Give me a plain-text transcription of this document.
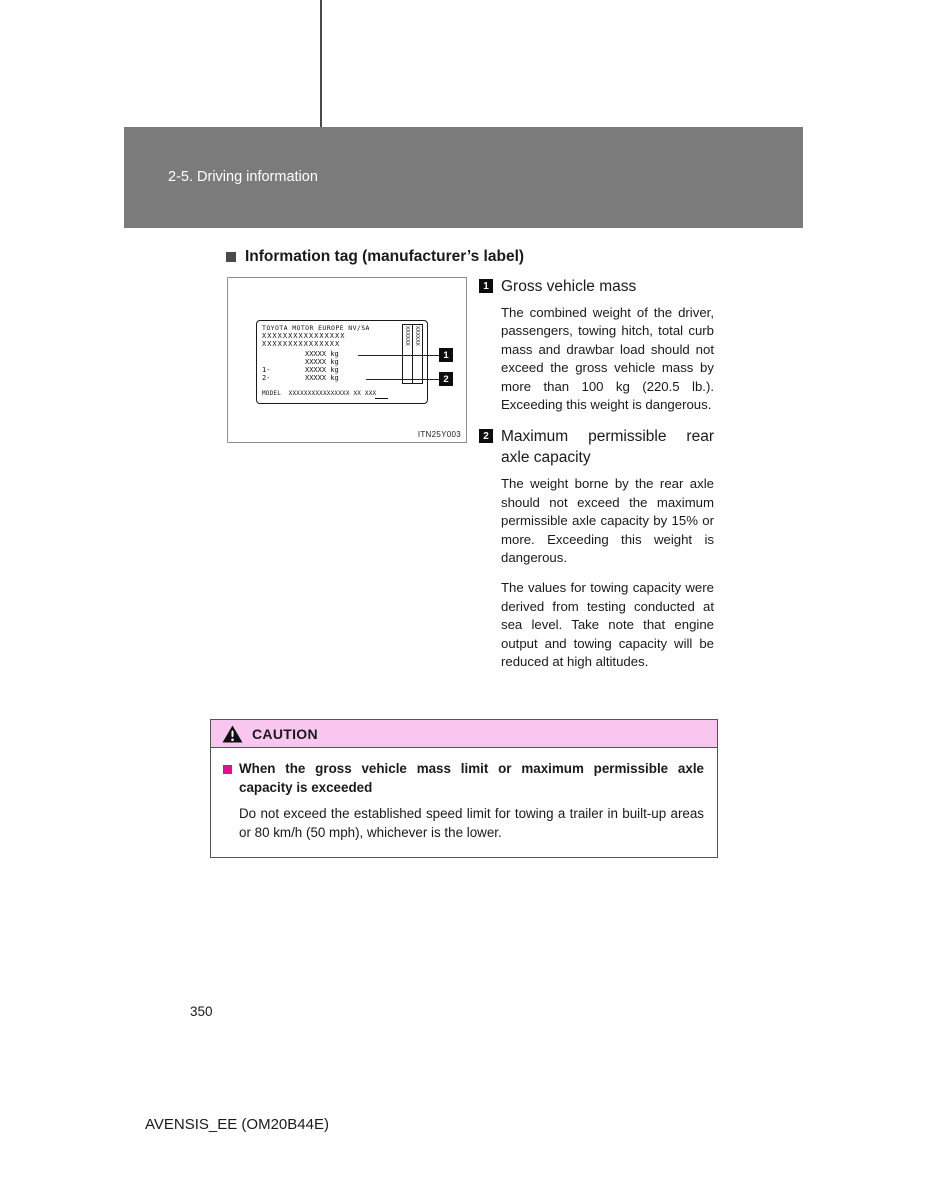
2-5. Driving information
Information tag (manufacturer’s label)
TOYOTA MOTOR EUROPE NV/SA
XXXXXXXXXXXXXXXX
XXXXXXXXXXXXXXX
XXXXX kg
XXXXX kg
1-	XXXXX kg
2-	XXXXX kg
MODEL  XXXXXXXXXXXXXXXX XX XXX
XXXXXX XXXXXX
1
2
ITN25Y003
1 Gross vehicle mass

The combined weight of the driver, passengers, towing hitch, total curb mass and drawbar load should not exceed the gross vehicle mass by more than 100 kg (220.5 lb.). Exceeding this weight is dangerous.

2 Maximum permissible rear axle capacity

The weight borne by the rear axle should not exceed the maximum permissible axle capacity by 15% or more. Exceeding this weight is dangerous.

The values for towing capacity were derived from testing conducted at sea level. Take note that engine output and towing capacity will be reduced at high altitudes.

CAUTION
When the gross vehicle mass limit or maximum permissible axle capacity is exceeded

Do not exceed the established speed limit for towing a trailer in built-up areas or 80 km/h (50 mph), whichever is the lower.

350
AVENSIS_EE (OM20B44E)
